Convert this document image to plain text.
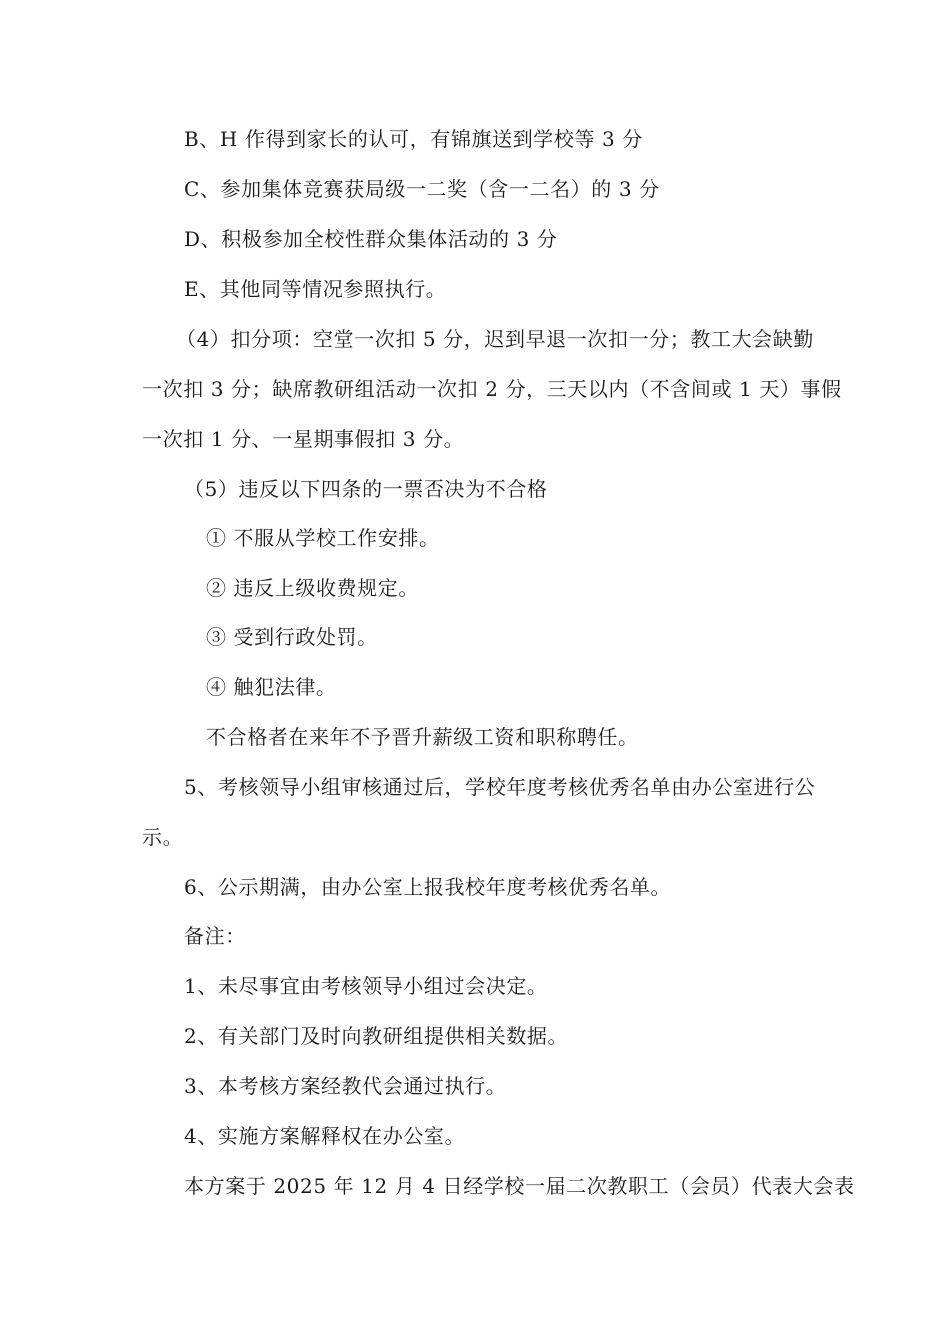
B、H 作得到家长的认可，有锦旗送到学校等 3 分
C、参加集体竞赛获局级一二奖（含一二名）的 3 分
D、积极参加全校性群众集体活动的 3 分
E、其他同等情况参照执行。
（4）扣分项：空堂一次扣 5 分，迟到早退一次扣一分；教工大会缺勤
一次扣 3 分；缺席教研组活动一次扣 2 分，三天以内（不含间或 1 天）事假
一次扣 1 分、一星期事假扣 3 分。
（5）违反以下四条的一票否决为不合格
① 不服从学校工作安排。
② 违反上级收费规定。
③ 受到行政处罚。
④ 触犯法律。
不合格者在来年不予晋升薪级工资和职称聘任。
5、考核领导小组审核通过后，学校年度考核优秀名单由办公室进行公
示。
6、公示期满，由办公室上报我校年度考核优秀名单。
备注：
1、未尽事宜由考核领导小组过会决定。
2、有关部门及时向教研组提供相关数据。
3、本考核方案经教代会通过执行。
4、实施方案解释权在办公室。
本方案于 2025 年 12 月 4 日经学校一届二次教职工（会员）代表大会表
